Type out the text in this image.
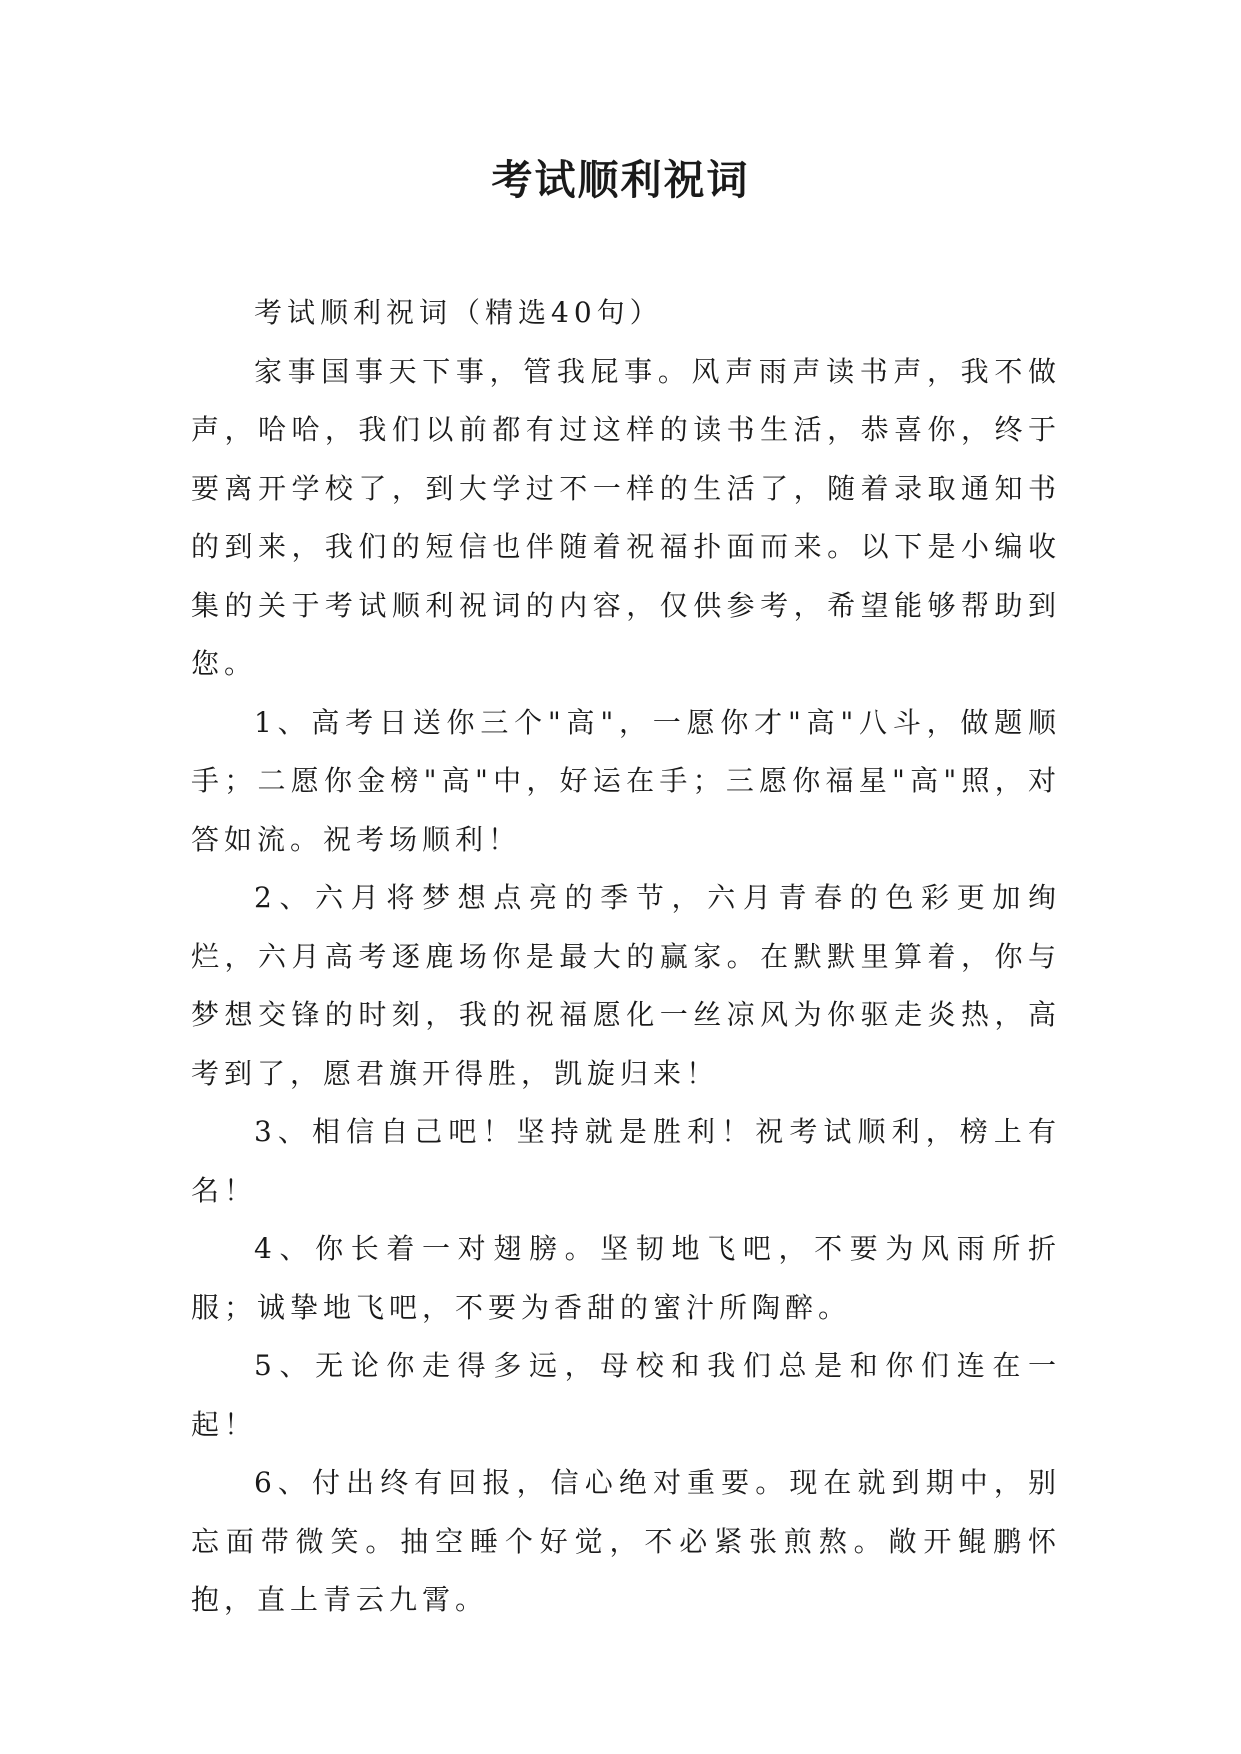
考试顺利祝词

考试顺利祝词（精选40句）

家事国事天下事，管我屁事。风声雨声读书声，我不做声，哈哈，我们以前都有过这样的读书生活，恭喜你，终于要离开学校了，到大学过不一样的生活了，随着录取通知书的到来，我们的短信也伴随着祝福扑面而来。以下是小编收集的关于考试顺利祝词的内容，仅供参考，希望能够帮助到您。

1、高考日送你三个"高"，一愿你才"高"八斗，做题顺手；二愿你金榜"高"中，好运在手；三愿你福星"高"照，对答如流。祝考场顺利！

2、六月将梦想点亮的季节，六月青春的色彩更加绚烂，六月高考逐鹿场你是最大的赢家。在默默里算着，你与梦想交锋的时刻，我的祝福愿化一丝凉风为你驱走炎热，高考到了，愿君旗开得胜，凯旋归来！

3、相信自己吧！坚持就是胜利！祝考试顺利，榜上有名！

4、你长着一对翅膀。坚韧地飞吧，不要为风雨所折服；诚挚地飞吧，不要为香甜的蜜汁所陶醉。

5、无论你走得多远，母校和我们总是和你们连在一起！

6、付出终有回报，信心绝对重要。现在就到期中，别忘面带微笑。抽空睡个好觉，不必紧张煎熬。敞开鲲鹏怀抱，直上青云九霄。
